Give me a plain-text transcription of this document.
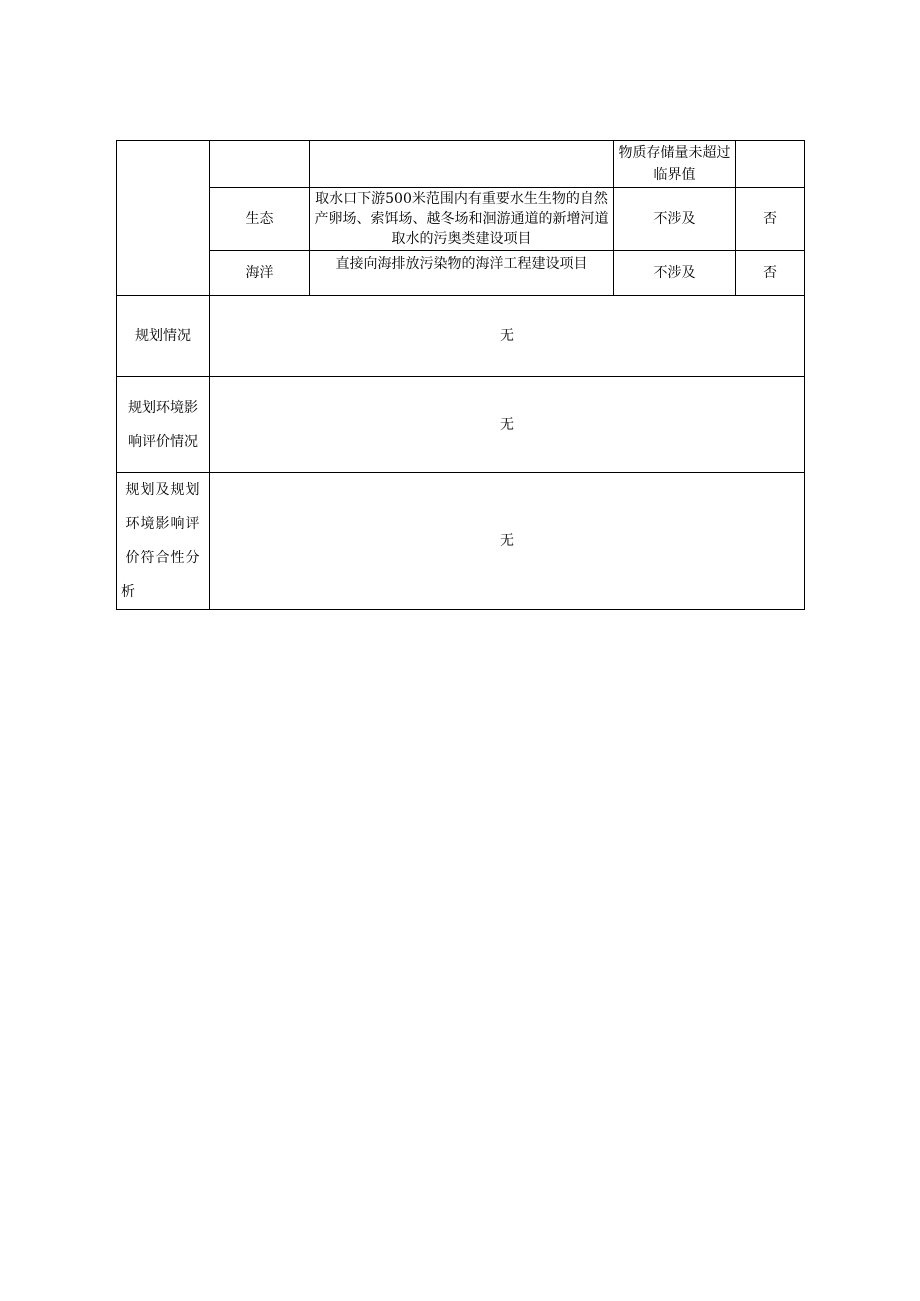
			物质存储量未超过临界值	
	生态	取水口下游500米范围内有重要水生生物的自然产卵场、索饵场、越冬场和洄游通道的新增河道取水的污奥类建设项目	不涉及	否
	海洋	直接向海排放污染物的海洋工程建设项目	不涉及	否
规划情况	无			
规划环境影响评价情况	无			
规划及规划环境影响评价符合性分析	无			
